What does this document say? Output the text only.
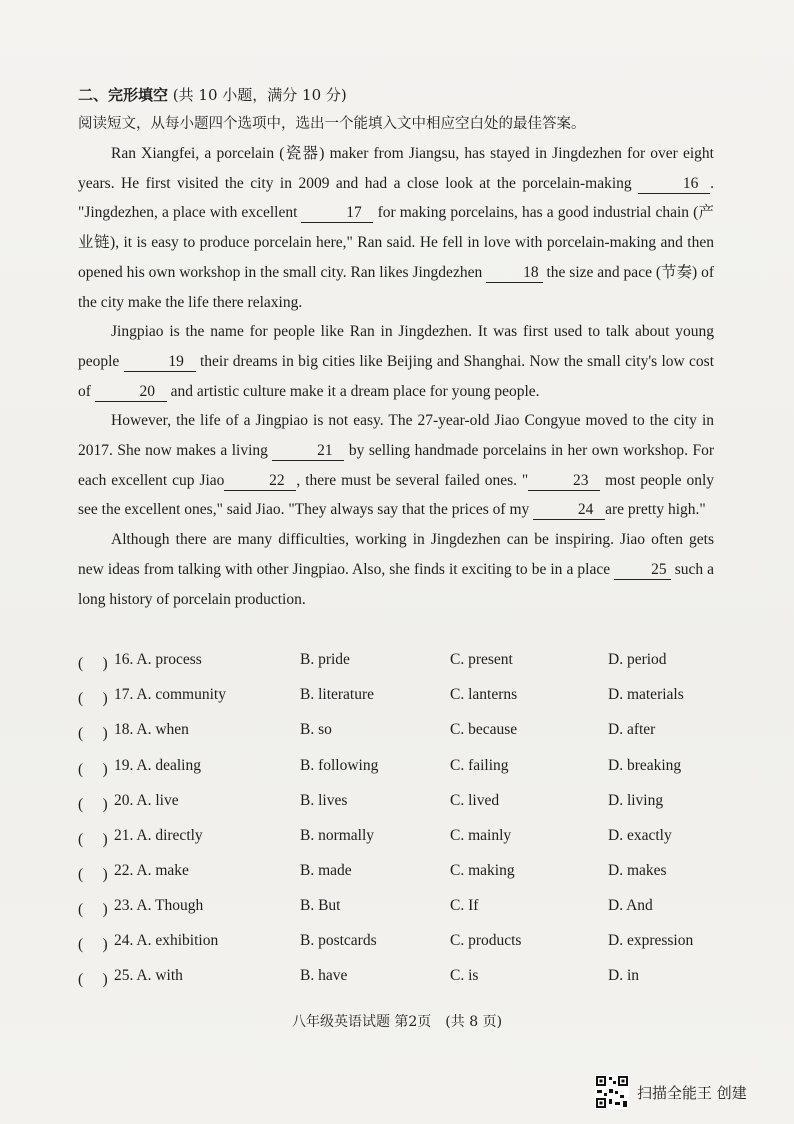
二、完形填空 (共 10 小题，满分 10 分)
阅读短文，从每小题四个选项中，选出一个能填入文中相应空白处的最佳答案。

Ran Xiangfei, a porcelain (瓷器) maker from Jiangsu, has stayed in Jingdezhen for over eight years. He first visited the city in 2009 and had a close look at the porcelain-making	16 . "Jingdezhen, a place with excellent	17 for making porcelains, has a good industrial chain (产业链), it is easy to produce porcelain here," Ran said. He fell in love with porcelain-making and then opened his own workshop in the small city. Ran likes Jingdezhen	18 the size and pace (节奏) of the city make the life there relaxing.

Jingpiao is the name for people like Ran in Jingdezhen. It was first used to talk about young people	19 their dreams in big cities like Beijing and Shanghai. Now the small city's low cost of	20 and artistic culture make it a dream place for young people.

However, the life of a Jingpiao is not easy. The 27-year-old Jiao Congyue moved to the city in 2017. She now makes a living	21 by selling handmade porcelains in her own workshop. For each excellent cup Jiao	22 , there must be several failed ones. "	23 most people only see the excellent ones," said Jiao. "They always say that the prices of my	24 are pretty high."

Although there are many difficulties, working in Jingdezhen can be inspiring. Jiao often gets new ideas from talking with other Jingpiao. Also, she finds it exciting to be in a place	25 such a long history of porcelain production.

(　 ) 16. A. process	B. pride	C. present	D. period
(　 ) 17. A. community	B. literature	C. lanterns	D. materials
(　 ) 18. A. when	B. so	C. because	D. after
(　 ) 19. A. dealing	B. following	C. failing	D. breaking
(　 ) 20. A. live	B. lives	C. lived	D. living
(　 ) 21. A. directly	B. normally	C. mainly	D. exactly
(　 ) 22. A. make	B. made	C. making	D. makes
(　 ) 23. A. Though	B. But	C. If	D. And
(　 ) 24. A. exhibition	B. postcards	C. products	D. expression
(　 ) 25. A. with	B. have	C. is	D. in
八年级英语试题 第2页　(共 8 页)
扫描全能王 创建
